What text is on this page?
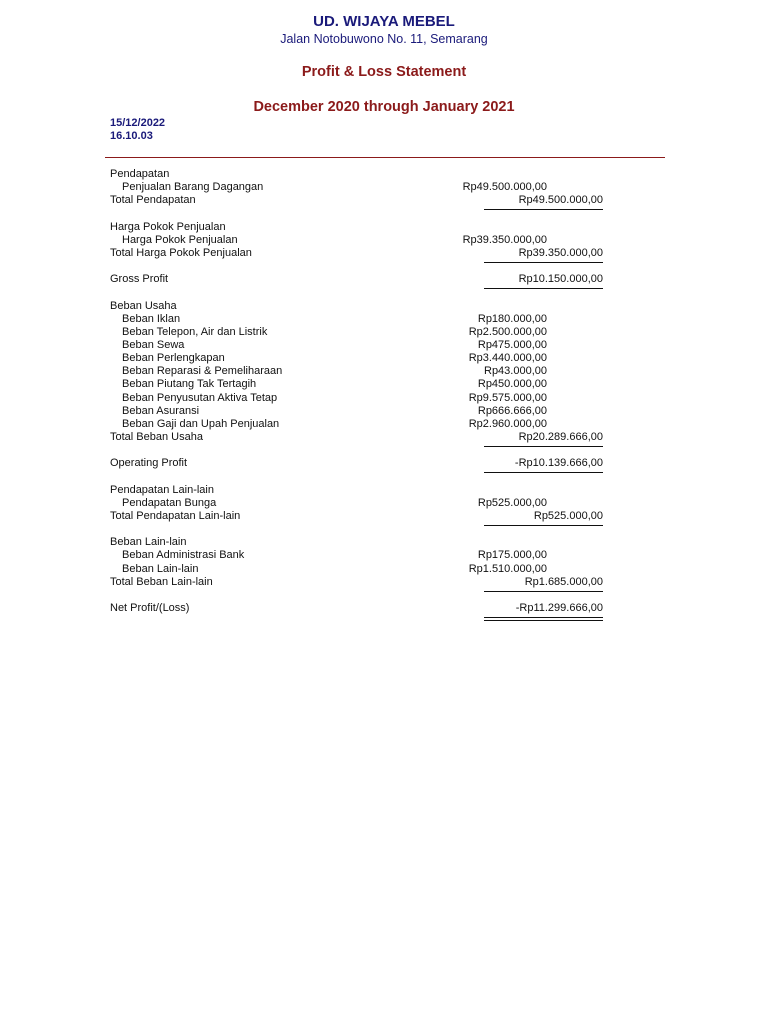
UD. WIJAYA MEBEL
Jalan Notobuwono No. 11, Semarang
Profit & Loss Statement
December 2020 through January 2021
15/12/2022
16.10.03
Pendapatan
Penjualan Barang Dagangan	Rp49.500.000,00
Total Pendapatan	Rp49.500.000,00
Harga Pokok Penjualan
Harga Pokok Penjualan	Rp39.350.000,00
Total Harga Pokok Penjualan	Rp39.350.000,00
Gross Profit	Rp10.150.000,00
Beban Usaha
Beban Iklan	Rp180.000,00
Beban Telepon, Air dan Listrik	Rp2.500.000,00
Beban Sewa	Rp475.000,00
Beban Perlengkapan	Rp3.440.000,00
Beban Reparasi & Pemeliharaan	Rp43.000,00
Beban Piutang Tak Tertagih	Rp450.000,00
Beban Penyusutan Aktiva Tetap	Rp9.575.000,00
Beban Asuransi	Rp666.666,00
Beban Gaji dan Upah Penjualan	Rp2.960.000,00
Total Beban Usaha	Rp20.289.666,00
Operating Profit	-Rp10.139.666,00
Pendapatan Lain-lain
Pendapatan Bunga	Rp525.000,00
Total Pendapatan Lain-lain	Rp525.000,00
Beban Lain-lain
Beban Administrasi Bank	Rp175.000,00
Beban Lain-lain	Rp1.510.000,00
Total Beban Lain-lain	Rp1.685.000,00
Net Profit/(Loss)	-Rp11.299.666,00
